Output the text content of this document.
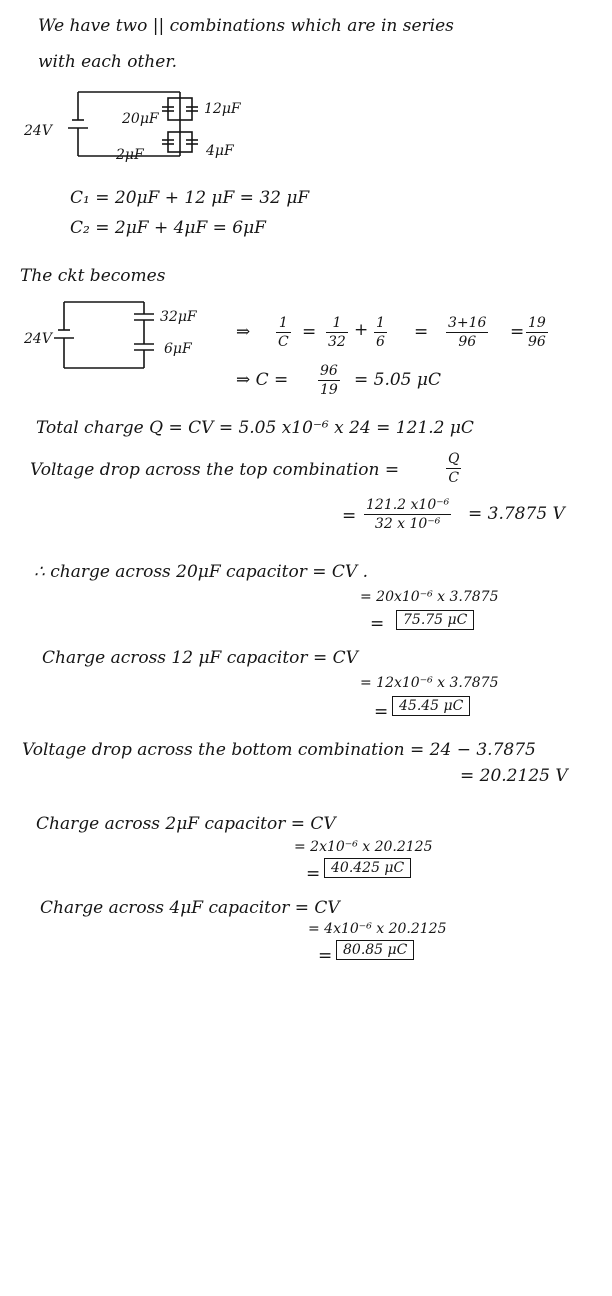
We have two || combinations which are in series
with each other.
24V
20μF
12μF
2μF	4μF
C₁ = 20μF + 12 μF = 32 μF
C₂ = 2μF + 4μF = 6μF
The ckt becomes
24V
32μF
6μF
⇒ 1
C =	1
32
+ 1
6 = 3+16
96	= 19
96
⇒ C = 96
19 = 5.05 μC
Total charge Q = CV = 5.05 x10⁻⁶ x 24 = 121.2 μC
Voltage drop across the top combination =
Q
C
=
121.2 x10⁻⁶
32 x 10⁻⁶	= 3.7875 V
∴ charge across 20μF capacitor = CV .
= 20x10⁻⁶ x 3.7875
=	75.75 μC
Charge across 12 μF capacitor = CV
= 12x10⁻⁶ x 3.7875
= 45.45 μC
Voltage drop across the bottom combination = 24 − 3.7875
= 20.2125 V
Charge across 2μF capacitor = CV
= 2x10⁻⁶ x 20.2125
= 40.425 μC
Charge across 4μF capacitor = CV
= 4x10⁻⁶ x 20.2125
= 80.85 μC
